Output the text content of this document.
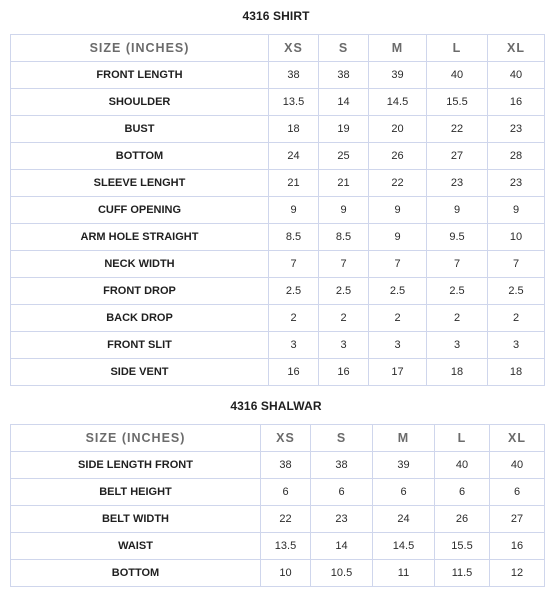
4316 SHIRT
SIZE (INCHES)	XS	S	M	L	XL
FRONT LENGTH	38	38	39	40	40
SHOULDER	13.5	14	14.5	15.5	16
BUST	18	19	20	22	23
BOTTOM	24	25	26	27	28
SLEEVE LENGHT	21	21	22	23	23
CUFF OPENING	9	9	9	9	9
ARM HOLE STRAIGHT	8.5	8.5	9	9.5	10
NECK WIDTH	7	7	7	7	7
FRONT DROP	2.5	2.5	2.5	2.5	2.5
BACK DROP	2	2	2	2	2
FRONT SLIT	3	3	3	3	3
SIDE VENT	16	16	17	18	18
4316 SHALWAR
SIZE (INCHES)	XS	S	M	L	XL
SIDE LENGTH FRONT	38	38	39	40	40
BELT HEIGHT	6	6	6	6	6
BELT WIDTH	22	23	24	26	27
WAIST	13.5	14	14.5	15.5	16
BOTTOM	10	10.5	11	11.5	12
